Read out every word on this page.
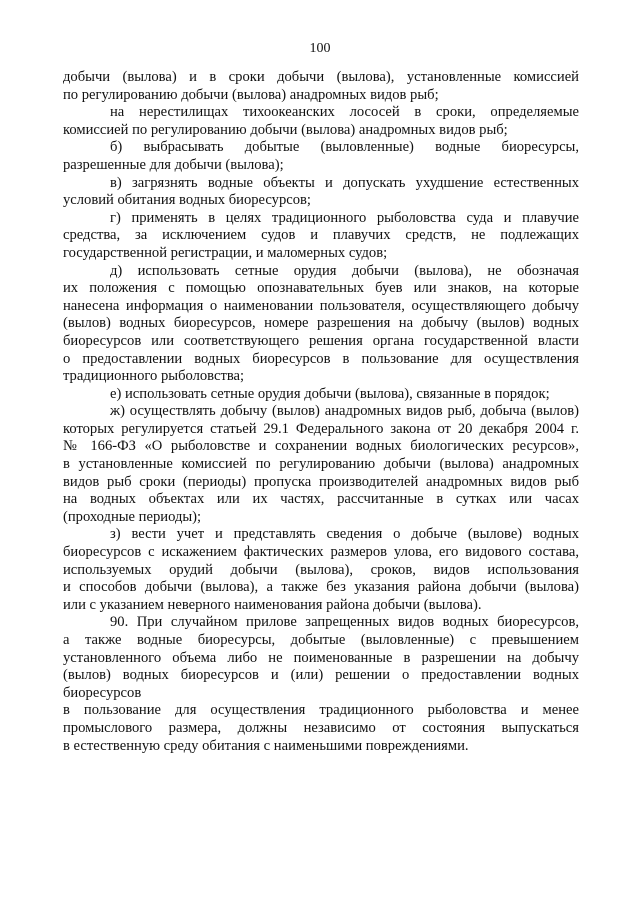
100
добычи (вылова) и в сроки добычи (вылова), установленные комиссией
по регулированию добычи (вылова) анадромных видов рыб;
на нерестилищах тихоокеанских лососей в сроки, определяемые
комиссией по регулированию добычи (вылова) анадромных видов рыб;
б) выбрасывать добытые (выловленные) водные биоресурсы,
разрешенные для добычи (вылова);
в) загрязнять водные объекты и допускать ухудшение естественных
условий обитания водных биоресурсов;
г) применять в целях традиционного рыболовства суда и плавучие
средства, за исключением судов и плавучих средств, не подлежащих
государственной регистрации, и маломерных судов;
д) использовать сетные орудия добычи (вылова), не обозначая
их положения с помощью опознавательных буев или знаков, на которые
нанесена информация о наименовании пользователя, осуществляющего добычу
(вылов) водных биоресурсов, номере разрешения на добычу (вылов) водных
биоресурсов или соответствующего решения органа государственной власти
о предоставлении водных биоресурсов в пользование для осуществления
традиционного рыболовства;
е) использовать сетные орудия добычи (вылова), связанные в порядок;
ж) осуществлять добычу (вылов) анадромных видов рыб, добыча (вылов)
которых регулируется статьей 29.1 Федерального закона от 20 декабря 2004 г.
№ 166-ФЗ «О рыболовстве и сохранении водных биологических ресурсов»,
в установленные комиссией по регулированию добычи (вылова) анадромных
видов рыб сроки (периоды) пропуска производителей анадромных видов рыб
на водных объектах или их частях, рассчитанные в сутках или часах
(проходные периоды);
з) вести учет и представлять сведения о добыче (вылове) водных
биоресурсов с искажением фактических размеров улова, его видового состава,
используемых орудий добычи (вылова), сроков, видов использования
и способов добычи (вылова), а также без указания района добычи (вылова)
или с указанием неверного наименования района добычи (вылова).
90. При случайном прилове запрещенных видов водных биоресурсов,
а также водные биоресурсы, добытые (выловленные) с превышением
установленного объема либо не поименованные в разрешении на добычу
(вылов) водных биоресурсов и (или) решении о предоставлении водных
биоресурсов
в пользование для осуществления традиционного рыболовства и менее
промыслового размера, должны независимо от состояния выпускаться
в естественную среду обитания с наименьшими повреждениями.
